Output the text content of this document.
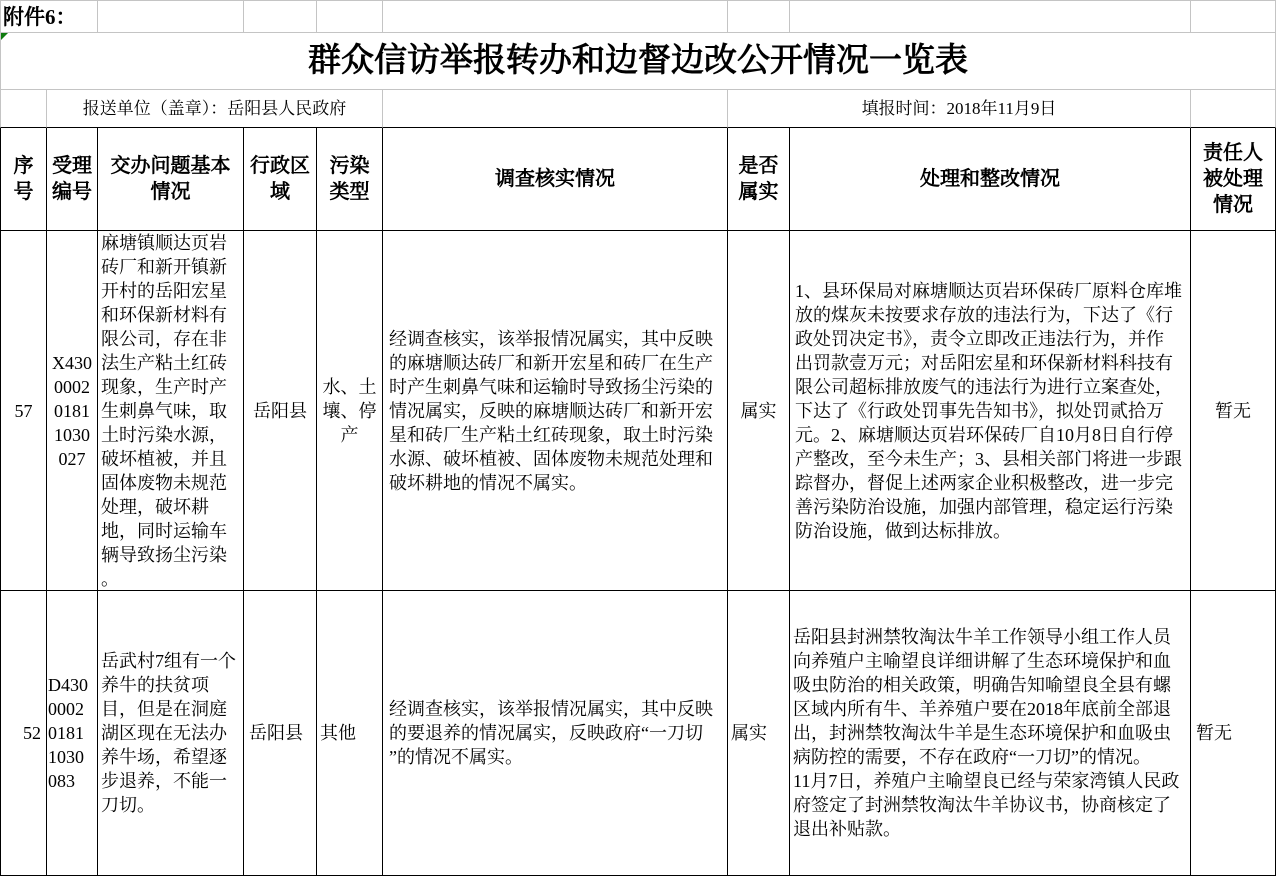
附件6：
群众信访举报转办和边督边改公开情况一览表
报送单位（盖章）：岳阳县人民政府	填报时间：2018年11月9日
序
号
受理
编号
交办问题基本
情况
行政区
域
污染
类型
调查核实情况
是否
属实
处理和整改情况
责任人
被处理
情况
57
X430
0002
0181
1030
027
麻塘镇顺达页岩
砖厂和新开镇新
开村的岳阳宏星
和环保新材料有
限公司，存在非
法生产粘土红砖
现象，生产时产
生刺鼻气味，取
土时污染水源，
破坏植被，并且
固体废物未规范
处理，破坏耕
地，同时运输车
辆导致扬尘污染
。
岳阳县
水、土
壤、停
产
经调查核实，该举报情况属实，其中反映
的麻塘顺达砖厂和新开宏星和砖厂在生产
时产生刺鼻气味和运输时导致扬尘污染的
情况属实，反映的麻塘顺达砖厂和新开宏
星和砖厂生产粘土红砖现象，取土时污染
水源、破坏植被、固体废物未规范处理和
破坏耕地的情况不属实。
属实
1、县环保局对麻塘顺达页岩环保砖厂原料仓库堆
放的煤灰未按要求存放的违法行为，下达了《行
政处罚决定书》，责令立即改正违法行为，并作
出罚款壹万元；对岳阳宏星和环保新材料科技有
限公司超标排放废气的违法行为进行立案查处，
下达了《行政处罚事先告知书》，拟处罚贰拾万
元。2、麻塘顺达页岩环保砖厂自10月8日自行停
产整改，至今未生产；3、县相关部门将进一步跟
踪督办，督促上述两家企业积极整改，进一步完
善污染防治设施，加强内部管理，稳定运行污染
防治设施，做到达标排放。
暂无
52
D430
0002
0181
1030
083
岳武村7组有一个
养牛的扶贫项
目，但是在洞庭
湖区现在无法办
养牛场，希望逐
步退养，不能一
刀切。
岳阳县 其他
经调查核实，该举报情况属实，其中反映
的要退养的情况属实，反映政府“一刀切
”的情况不属实。
属实
岳阳县封洲禁牧淘汰牛羊工作领导小组工作人员
向养殖户主喻望良详细讲解了生态环境保护和血
吸虫防治的相关政策，明确告知喻望良全县有螺
区域内所有牛、羊养殖户要在2018年底前全部退
出，封洲禁牧淘汰牛羊是生态环境保护和血吸虫
病防控的需要，不存在政府“一刀切”的情况。
11月7日，养殖户主喻望良已经与荣家湾镇人民政
府签定了封洲禁牧淘汰牛羊协议书，协商核定了
退出补贴款。
暂无
